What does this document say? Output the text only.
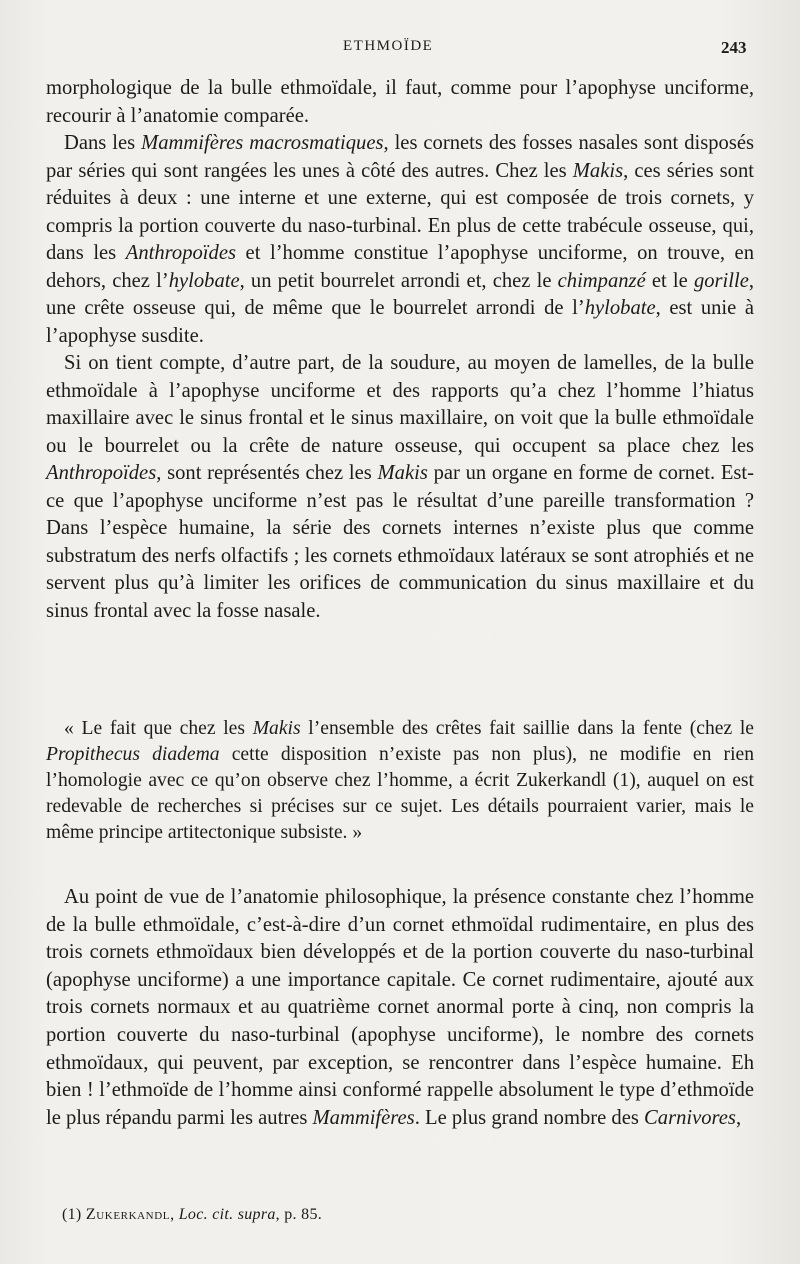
ETHMOÏDE	243

morphologique de la bulle ethmoïdale, il faut, comme pour l’apophyse unciforme, recourir à l’anatomie comparée.

Dans les Mammifères macrosmatiques, les cornets des fosses nasales sont disposés par séries qui sont rangées les unes à côté des autres. Chez les Makis, ces séries sont réduites à deux : une interne et une externe, qui est composée de trois cornets, y compris la portion couverte du naso-turbinal. En plus de cette trabécule osseuse, qui, dans les Anthropoïdes et l’homme constitue l’apophyse unciforme, on trouve, en dehors, chez l’hylobate, un petit bourrelet arrondi et, chez le chimpanzé et le gorille, une crête osseuse qui, de même que le bourrelet arrondi de l’hylobate, est unie à l’apophyse susdite.

Si on tient compte, d’autre part, de la soudure, au moyen de lamelles, de la bulle ethmoïdale à l’apophyse unciforme et des rapports qu’a chez l’homme l’hiatus maxillaire avec le sinus frontal et le sinus maxillaire, on voit que la bulle ethmoïdale ou le bourrelet ou la crête de nature osseuse, qui occupent sa place chez les Anthropoïdes, sont représentés chez les Makis par un organe en forme de cornet. Est-ce que l’apophyse unciforme n’est pas le résultat d’une pareille transformation ? Dans l’espèce humaine, la série des cornets internes n’existe plus que comme substratum des nerfs olfactifs ; les cornets ethmoïdaux latéraux se sont atrophiés et ne servent plus qu’à limiter les orifices de communication du sinus maxillaire et du sinus frontal avec la fosse nasale.

« Le fait que chez les Makis l’ensemble des crêtes fait saillie dans la fente (chez le Propithecus diadema cette disposition n’existe pas non plus), ne modifie en rien l’homologie avec ce qu’on observe chez l’homme, a écrit Zukerkandl (1), auquel on est redevable de recherches si précises sur ce sujet. Les détails pourraient varier, mais le même principe artitectonique subsiste. »

Au point de vue de l’anatomie philosophique, la présence constante chez l’homme de la bulle ethmoïdale, c’est-à-dire d’un cornet ethmoïdal rudimentaire, en plus des trois cornets ethmoïdaux bien développés et de la portion couverte du naso-turbinal (apophyse unciforme) a une importance capitale. Ce cornet rudimentaire, ajouté aux trois cornets normaux et au quatrième cornet anormal porte à cinq, non compris la portion couverte du naso-turbinal (apophyse unciforme), le nombre des cornets ethmoïdaux, qui peuvent, par exception, se rencontrer dans l’espèce humaine. Eh bien ! l’ethmoïde de l’homme ainsi conformé rappelle absolument le type d’ethmoïde le plus répandu parmi les autres Mammifères. Le plus grand nombre des Carnivores,

(1) Zukerkandl, Loc. cit. supra, p. 85.
